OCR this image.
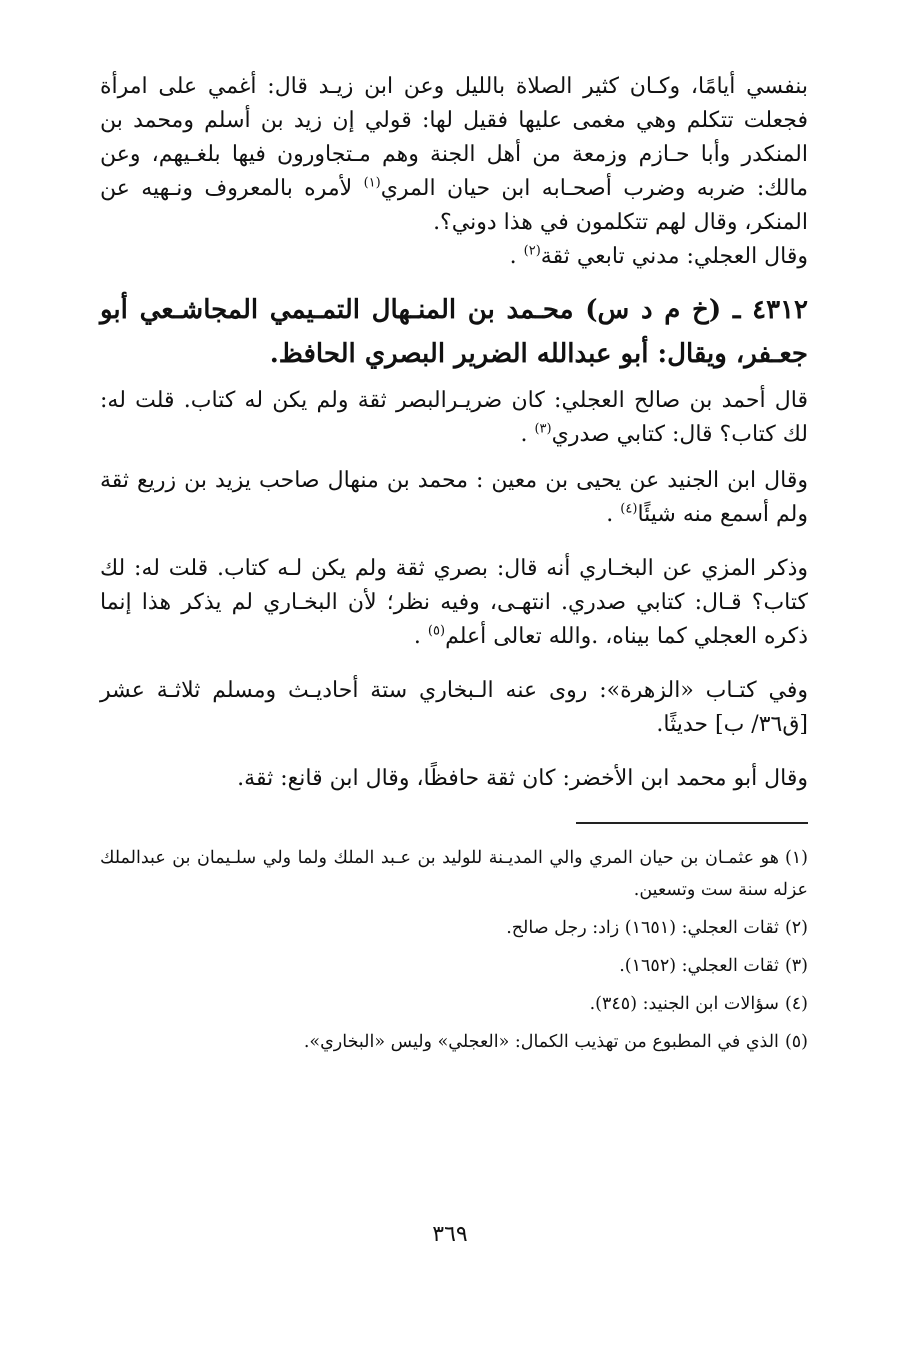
بنفسي أيامًا، وكـان كثير الصلاة بالليل وعن ابن زيـد قال: أغمي على امرأة فجعلت تتكلم وهي مغمى عليها فقيل لها: قولي إن زيد بن أسلم ومحمد بن المنكدر وأبا حـازم وزمعة من أهل الجنة وهم مـتجاورون فيها بلغـيهم، وعن مالك: ضربه وضرب أصحـابه ابن حيان المري$^{(١)}$ لأمره بالمعروف ونـهيه عن المنكر، وقال لهم تتكلمون في هذا دوني؟.

وقال العجلي: مدني تابعي ثقة$^{(٢)}$ .

٤٣١٢ ـ (خ م د س) محـمد بن المنـهال التمـيمي المجاشـعي أبو جعـفر، ويقال: أبو عبدالله الضرير البصري الحافظ.

قال أحمد بن صالح العجلي: كان ضريـرالبصر ثقة ولم يكن له كتاب. قلت له: لك كتاب؟ قال: كتابي صدري$^{(٣)}$ .

وقال ابن الجنيد عن يحيى بن معين : محمد بن منهال صاحب يزيد بن زريع ثقة ولم أسمع منه شيئًا$^{(٤)}$ .

وذكر المزي عن البخـاري أنه قال: بصري ثقة ولم يكن لـه كتاب. قلت له: لك كتاب؟ قـال: كتابي صدري. انتهـى، وفيه نظر؛ لأن البخـاري لم يذكر هذا إنما ذكره العجلي كما بيناه، .والله تعالى أعلم$^{(٥)}$ .

وفي كتـاب «الزهرة»: روى عنه الـبخاري ستة أحاديـث ومسلم ثلاثـة عشر [ق٣٦/ ب] حديثًا.

وقال أبو محمد ابن الأخضر: كان ثقة حافظًا، وقال ابن قانع: ثقة.

(١)هو عثمـان بن حيان المري والي المديـنة للوليد بن عـبد الملك ولما ولي سلـيمان بن عبدالملك عزله سنة ست وتسعين.

(٢)ثقات العجلي: (١٦٥١) زاد: رجل صالح.

(٣)ثقات العجلي: (١٦٥٢).

(٤)سؤالات ابن الجنيد: (٣٤٥).

(٥)الذي في المطبوع من تهذيب الكمال: «العجلي» وليس «البخاري».

٣٦٩
